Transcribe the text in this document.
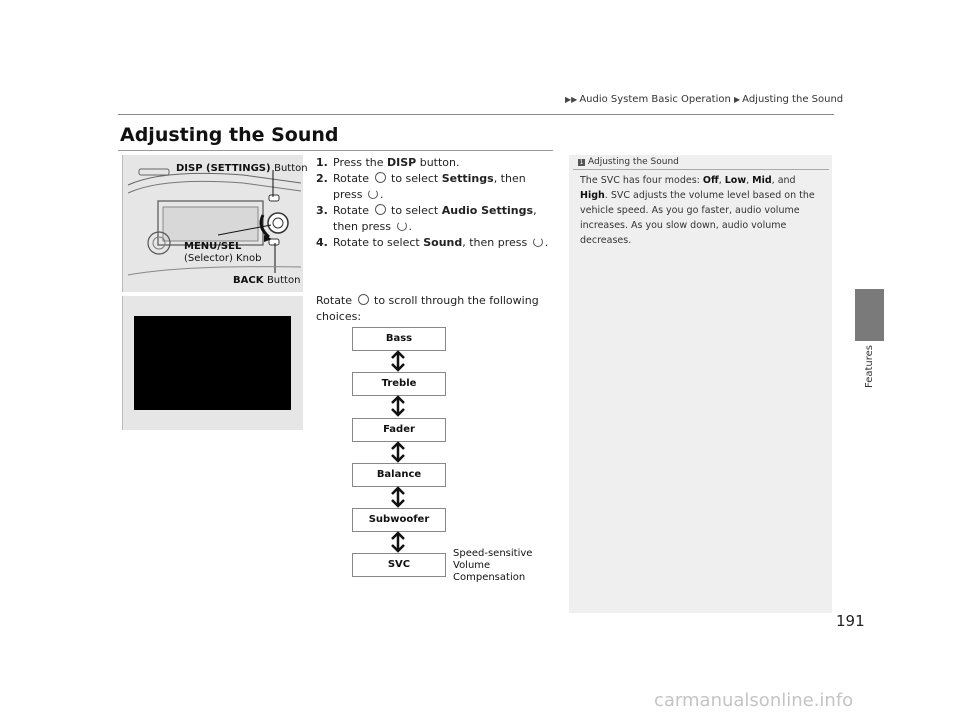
▶▶ Audio System Basic Operation ▶ Adjusting the Sound
Features
Adjusting the Sound
DISP (SETTINGS) Button
MENU/SEL
(Selector) Knob
BACK Button
1. Press the DISP button.
2. Rotate to select Settings, then press .
3. Rotate to select Audio Settings, then press .
4. Rotate to select Sound, then press .
Rotate to scroll through the following choices:
Bass
Treble
Fader
Balance
Subwoofer
SVC
Speed-sensitive
Volume
Compensation
1 Adjusting the Sound
The SVC has four modes: Off, Low, Mid, and High. SVC adjusts the volume level based on the vehicle speed. As you go faster, audio volume increases. As you slow down, audio volume decreases.
191
carmanualsonline.info
